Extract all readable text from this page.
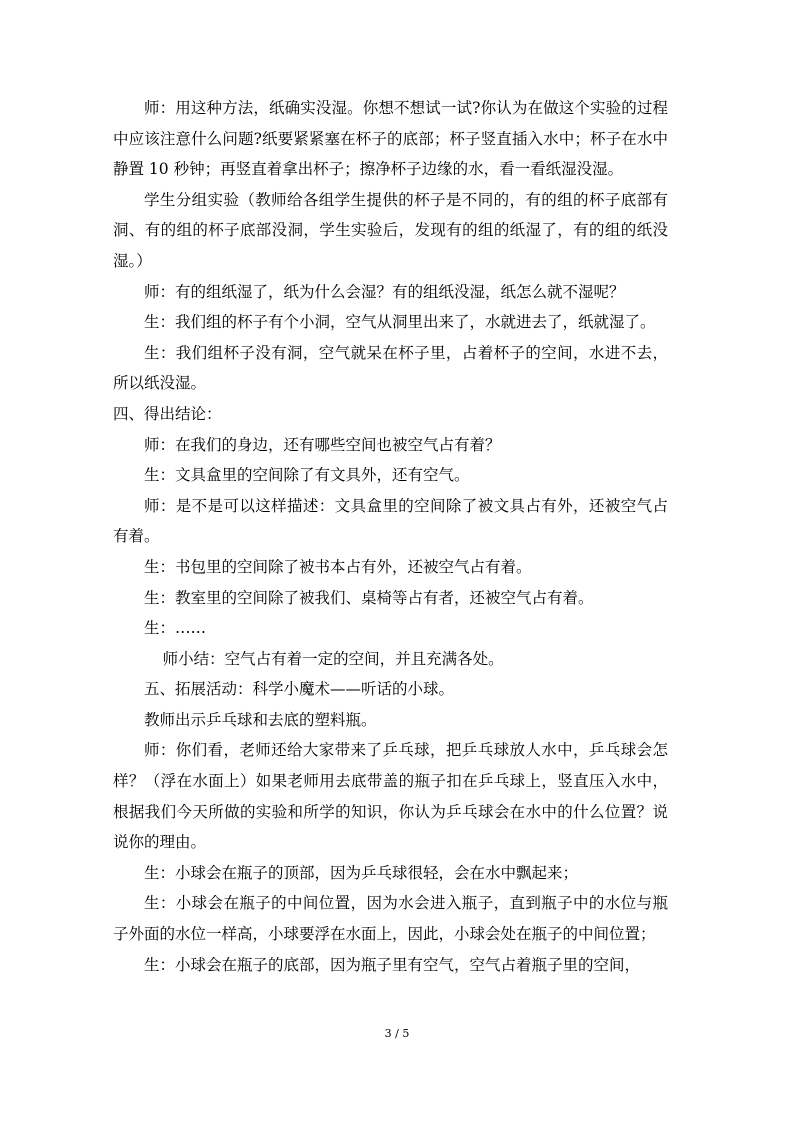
师：用这种方法，纸确实没湿。你想不想试一试?你认为在做这个实验的过程中应该注意什么问题?纸要紧紧塞在杯子的底部；杯子竖直插入水中；杯子在水中静置 10 秒钟；再竖直着拿出杯子；擦净杯子边缘的水，看一看纸湿没湿。

学生分组实验（教师给各组学生提供的杯子是不同的，有的组的杯子底部有洞、有的组的杯子底部没洞，学生实验后，发现有的组的纸湿了，有的组的纸没湿。）

师：有的组纸湿了，纸为什么会湿？有的组纸没湿，纸怎么就不湿呢？

生：我们组的杯子有个小洞，空气从洞里出来了，水就进去了，纸就湿了。

生：我们组杯子没有洞，空气就呆在杯子里，占着杯子的空间，水进不去，所以纸没湿。

四、得出结论：

师：在我们的身边，还有哪些空间也被空气占有着？

生：文具盒里的空间除了有文具外，还有空气。

师：是不是可以这样描述：文具盒里的空间除了被文具占有外，还被空气占有着。

生：书包里的空间除了被书本占有外，还被空气占有着。

生：教室里的空间除了被我们、桌椅等占有者，还被空气占有着。

生：……

师小结：空气占有着一定的空间，并且充满各处。

五、拓展活动：科学小魔术——听话的小球。

教师出示乒乓球和去底的塑料瓶。

师：你们看，老师还给大家带来了乒乓球，把乒乓球放人水中，乒乓球会怎样？（浮在水面上）如果老师用去底带盖的瓶子扣在乒乓球上，竖直压入水中，根据我们今天所做的实验和所学的知识，你认为乒乓球会在水中的什么位置？说说你的理由。

生：小球会在瓶子的顶部，因为乒乓球很轻，会在水中飘起来；

生：小球会在瓶子的中间位置，因为水会进入瓶子，直到瓶子中的水位与瓶子外面的水位一样高，小球要浮在水面上，因此，小球会处在瓶子的中间位置；

生：小球会在瓶子的底部，因为瓶子里有空气，空气占着瓶子里的空间，

3 / 5
